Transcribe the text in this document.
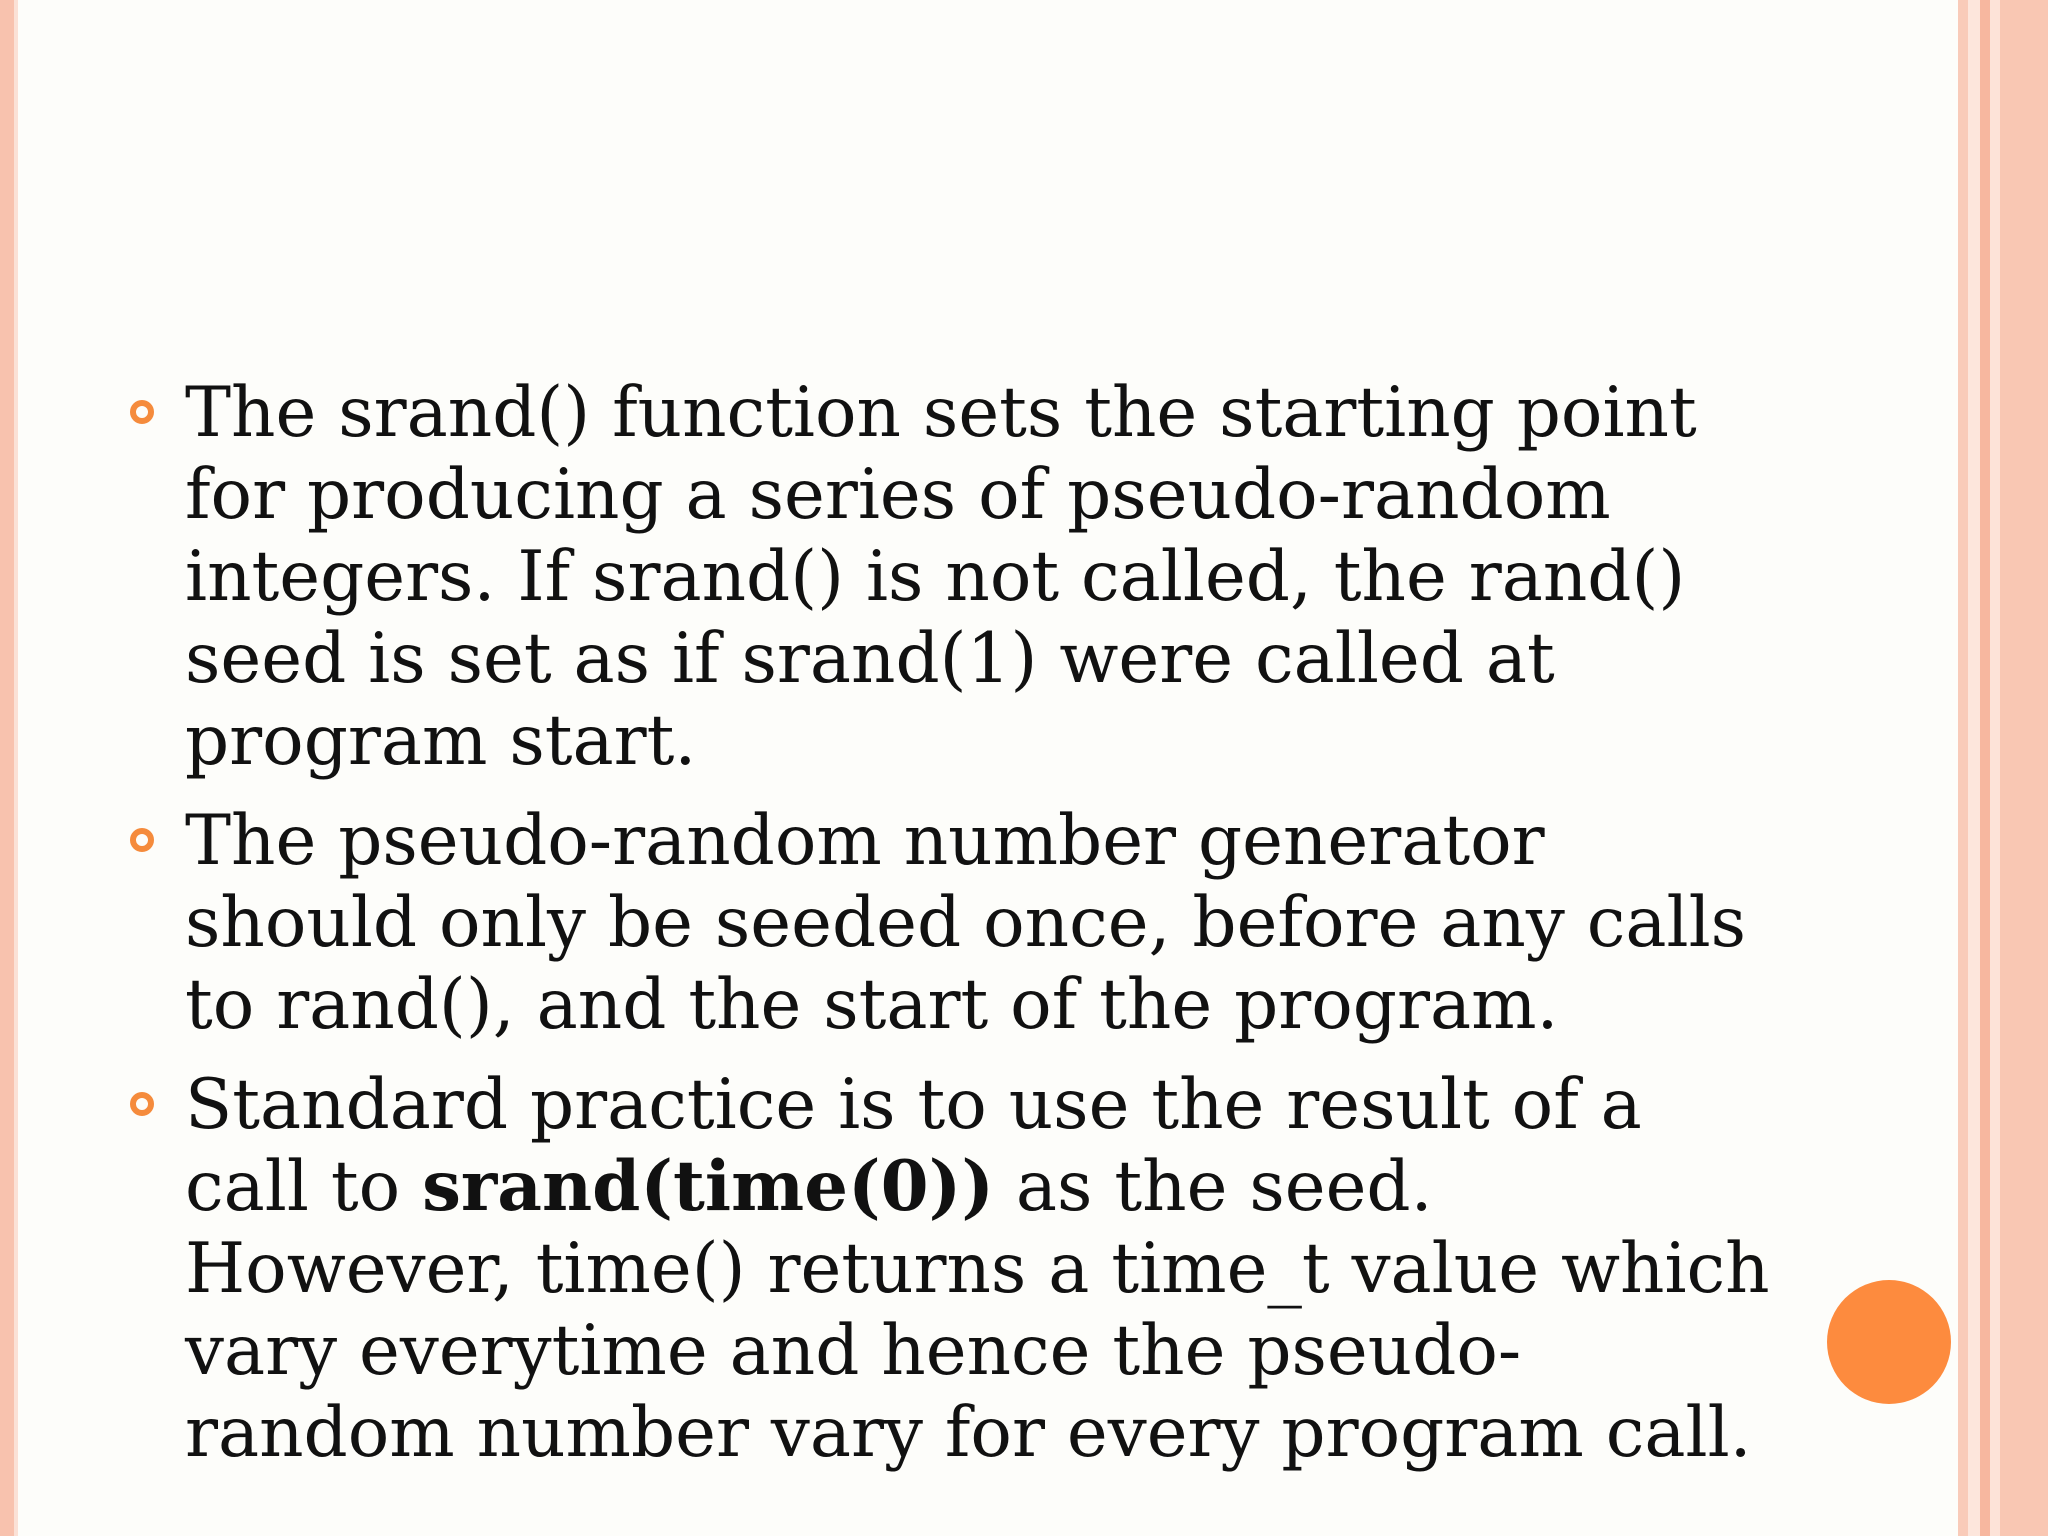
The srand() function sets the starting point for producing a series of pseudo-random integers. If srand() is not called, the rand() seed is set as if srand(1) were called at program start.
The pseudo-random number generator should only be seeded once, before any calls to rand(), and the start of the program.
Standard practice is to use the result of a call to srand(time(0)) as the seed. However, time() returns a time_t value which vary everytime and hence the pseudo-random number vary for every program call.
